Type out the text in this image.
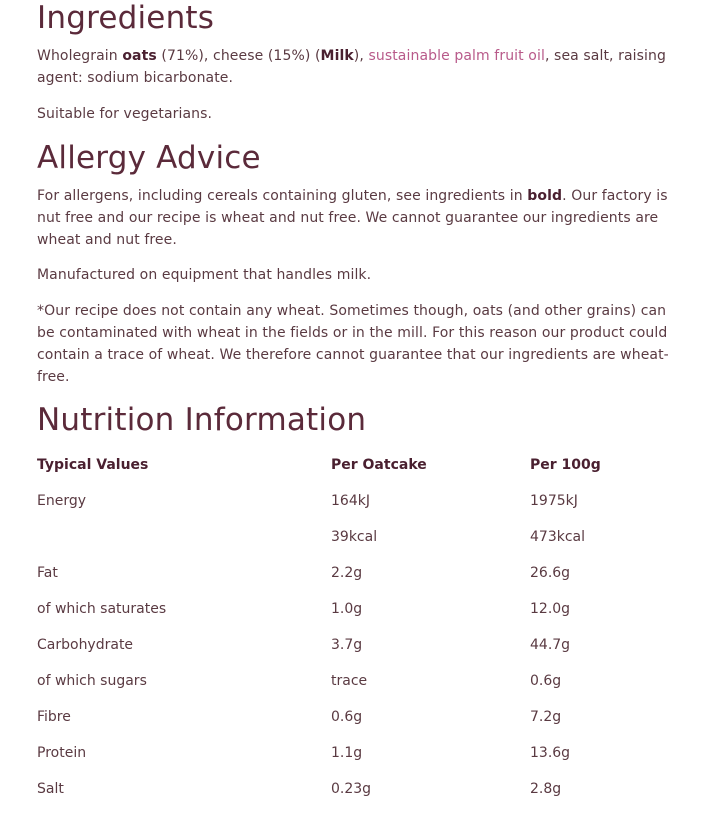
Ingredients

Wholegrain oats (71%), cheese (15%) (Milk), sustainable palm fruit oil, sea salt, raising agent: sodium bicarbonate.

Suitable for vegetarians.

Allergy Advice

For allergens, including cereals containing gluten, see ingredients in bold. Our factory is nut free and our recipe is wheat and nut free. We cannot guarantee our ingredients are wheat and nut free.

Manufactured on equipment that handles milk.

*Our recipe does not contain any wheat. Sometimes though, oats (and other grains) can be contaminated with wheat in the fields or in the mill. For this reason our product could contain a trace of wheat. We therefore cannot guarantee that our ingredients are wheat-free.

Nutrition Information
Typical Values	Per Oatcake	Per 100g
Energy	164kJ	1975kJ
	39kcal	473kcal
Fat	2.2g	26.6g
of which saturates	1.0g	12.0g
Carbohydrate	3.7g	44.7g
of which sugars	trace	0.6g
Fibre	0.6g	7.2g
Protein	1.1g	13.6g
Salt	0.23g	2.8g
